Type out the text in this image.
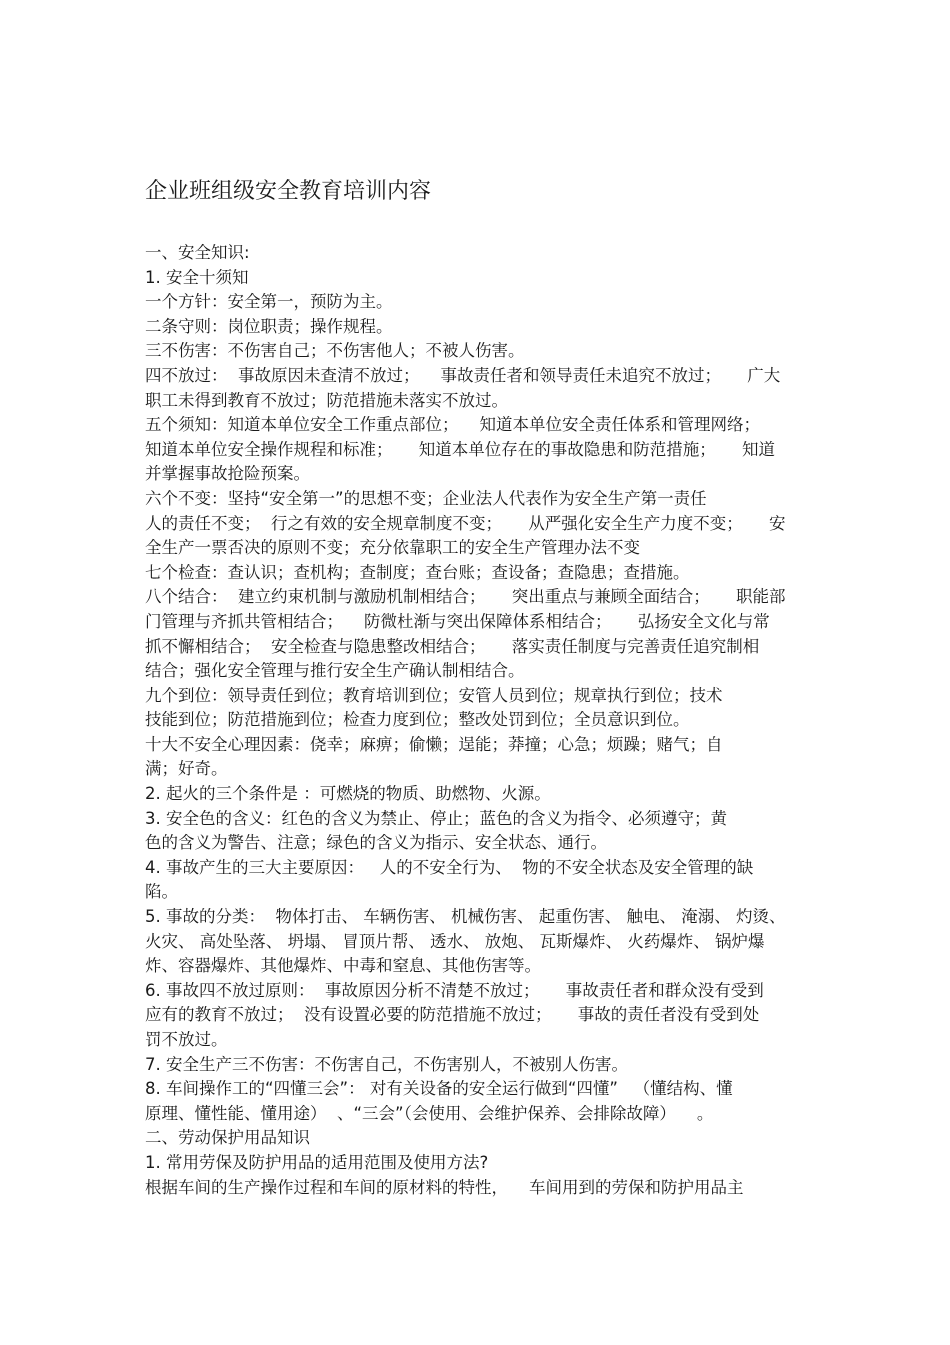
企业班组级安全教育培训内容
一、安全知识:
1. 安全十须知
一个方针：安全第一，预防为主。
二条守则：岗位职责；操作规程。
三不伤害：不伤害自己；不伤害他人；不被人伤害。
四不放过：  事故原因未查清不放过；    事故责任者和领导责任未追究不放过；     广大
职工未得到教育不放过；防范措施未落实不放过。
五个须知：知道本单位安全工作重点部位；    知道本单位安全责任体系和管理网络；
知道本单位安全操作规程和标准；     知道本单位存在的事故隐患和防范措施；     知道
并掌握事故抢险预案。
六个不变：坚持“安全第一”的思想不变；企业法人代表作为安全生产第一责任
人的责任不变；  行之有效的安全规章制度不变；     从严强化安全生产力度不变；     安
全生产一票否决的原则不变；充分依靠职工的安全生产管理办法不变
七个检查：查认识；查机构；查制度；查台账；查设备；查隐患；查措施。
八个结合：  建立约束机制与激励机制相结合；     突出重点与兼顾全面结合；     职能部
门管理与齐抓共管相结合；    防微杜渐与突出保障体系相结合；     弘扬安全文化与常
抓不懈相结合；  安全检查与隐患整改相结合；     落实责任制度与完善责任追究制相
结合；强化安全管理与推行安全生产确认制相结合。
九个到位：领导责任到位；教育培训到位；安管人员到位；规章执行到位；技术
技能到位；防范措施到位；检查力度到位；整改处罚到位；全员意识到位。
十大不安全心理因素：侥幸；麻痹；偷懒；逞能；莽撞；心急；烦躁；赌气；自
满；好奇。
2. 起火的三个条件是 ：可燃烧的物质、助燃物、火源。
3. 安全色的含义：红色的含义为禁止、停止；蓝色的含义为指令、必须遵守；黄
色的含义为警告、注意；绿色的含义为指示、安全状态、通行。
4. 事故产生的三大主要原因：   人的不安全行为、  物的不安全状态及安全管理的缺
陷。
5. 事故的分类：  物体打击、 车辆伤害、 机械伤害、 起重伤害、 触电、 淹溺、 灼烫、
火灾、 高处坠落、 坍塌、 冒顶片帮、 透水、 放炮、 瓦斯爆炸、 火药爆炸、 锅炉爆
炸、容器爆炸、其他爆炸、中毒和窒息、其他伤害等。
6. 事故四不放过原则：  事故原因分析不清楚不放过；     事故责任者和群众没有受到
应有的教育不放过；  没有设置必要的防范措施不放过；     事故的责任者没有受到处
罚不放过。
7. 安全生产三不伤害：不伤害自己，不伤害别人，不被别人伤害。
8. 车间操作工的“四懂三会”： 对有关设备的安全运行做到“四懂”   （懂结构、懂
原理、懂性能、懂用途）  、“三会”（会使用、会维护保养、会排除故障）    。
二、劳动保护用品知识
1. 常用劳保及防护用品的适用范围及使用方法?
根据车间的生产操作过程和车间的原材料的特性，    车间用到的劳保和防护用品主
